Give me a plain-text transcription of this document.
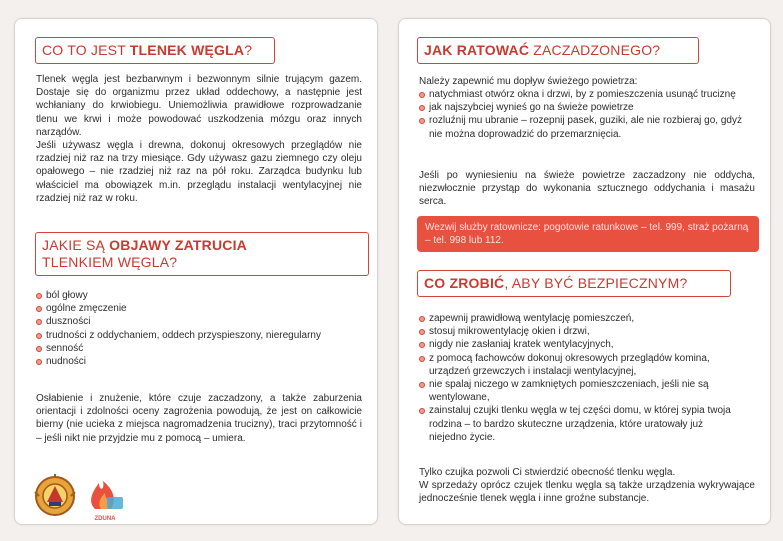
CO TO JEST TLENEK WĘGLA?

Tlenek węgla jest bezbarwnym i bezwonnym silnie trującym gazem. Dostaje się do organizmu przez układ oddechowy, a następnie jest wchłaniany do krwiobiegu. Uniemożliwia prawidłowe rozprowadzanie tlenu we krwi i może powodować uszkodzenia mózgu oraz innych narządów.

Jeśli używasz węgla i drewna, dokonuj okresowych przeglądów nie rzadziej niż raz na trzy miesiące. Gdy używasz gazu ziemnego czy oleju opałowego – nie rzadziej niż raz na pół roku. Zarządca budynku lub właściciel ma obowiązek m.in. przeglądu instalacji wentylacyjnej nie rzadziej niż raz w roku.

JAKIE SĄ OBJAWY ZATRUCIA
TLENKIEM WĘGLA?
ból głowy
ogólne zmęczenie
duszności
trudności z oddychaniem, oddech przyspieszony, nieregularny
senność
nudności
Osłabienie i znużenie, które czuje zaczadzony, a także zaburzenia orientacji i zdolności oceny zagrożenia powodują, że jest on całkowicie bierny (nie ucieka z miejsca nagromadzenia trucizny), traci przytomność i – jeśli nikt nie przyjdzie mu z pomocą – umiera.
ZDUNA
JAK RATOWAĆ ZACZADZONEGO?
Należy zapewnić mu dopływ świeżego powietrza:
natychmiast otwórz okna i drzwi, by z pomieszczenia usunąć truciznę
jak najszybciej wynieś go na świeże powietrze
rozluźnij mu ubranie – rozepnij pasek, guziki, ale nie rozbieraj go, gdyż nie można doprowadzić do przemarznięcia.
Jeśli po wyniesieniu na świeże powietrze zaczadzony nie oddycha, niezwłocznie przystąp do wykonania sztucznego oddychania i masażu serca.
Wezwij służby ratownicze: pogotowie ratunkowe – tel. 999, straż pożarną – tel. 998 lub 112.
CO ZROBIĆ, ABY BYĆ BEZPIECZNYM?
zapewnij prawidłową wentylację pomieszczeń,
stosuj mikrowentylację okien i drzwi,
nigdy nie zasłaniaj kratek wentylacyjnych,
z pomocą fachowców dokonuj okresowych przeglądów komina, urządzeń grzewczych i instalacji wentylacyjnej,
nie spalaj niczego w zamkniętych pomieszczeniach, jeśli nie są wentylowane,
zainstaluj czujki tlenku węgla w tej części domu, w której sypia twoja rodzina – to bardzo skuteczne urządzenia, które uratowały już niejedno życie.

Tylko czujka pozwoli Ci stwierdzić obecność tlenku węgla.

W sprzedaży oprócz czujek tlenku węgla są także urządzenia wykrywające jednocześnie tlenek węgla i inne groźne substancje.
